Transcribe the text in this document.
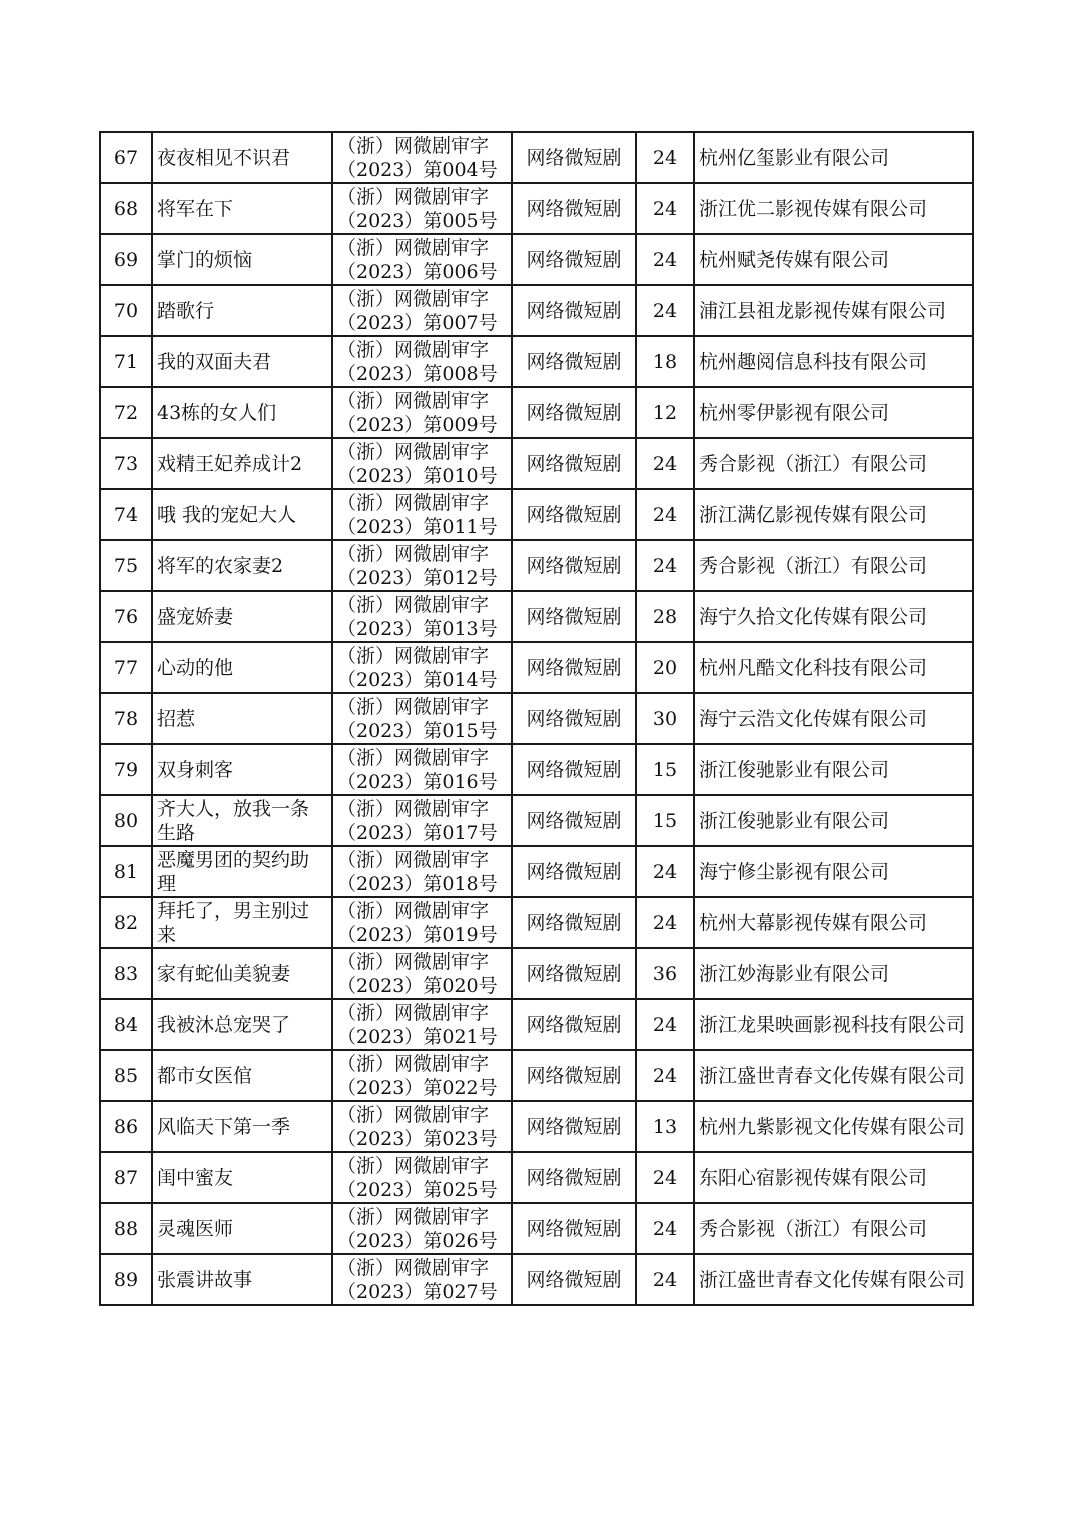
67	夜夜相见不识君	（浙）网微剧审字
（2023）第004号	网络微短剧	24	杭州亿玺影业有限公司
68	将军在下	（浙）网微剧审字
（2023）第005号	网络微短剧	24	浙江优二影视传媒有限公司
69	掌门的烦恼	（浙）网微剧审字
（2023）第006号	网络微短剧	24	杭州赋尧传媒有限公司
70	踏歌行	（浙）网微剧审字
（2023）第007号	网络微短剧	24	浦江县祖龙影视传媒有限公司
71	我的双面夫君	（浙）网微剧审字
（2023）第008号	网络微短剧	18	杭州趣阅信息科技有限公司
72	43栋的女人们	（浙）网微剧审字
（2023）第009号	网络微短剧	12	杭州零伊影视有限公司
73	戏精王妃养成计2	（浙）网微剧审字
（2023）第010号	网络微短剧	24	秀合影视（浙江）有限公司
74	哦 我的宠妃大人	（浙）网微剧审字
（2023）第011号	网络微短剧	24	浙江满亿影视传媒有限公司
75	将军的农家妻2	（浙）网微剧审字
（2023）第012号	网络微短剧	24	秀合影视（浙江）有限公司
76	盛宠娇妻	（浙）网微剧审字
（2023）第013号	网络微短剧	28	海宁久拾文化传媒有限公司
77	心动的他	（浙）网微剧审字
（2023）第014号	网络微短剧	20	杭州凡酷文化科技有限公司
78	招惹	（浙）网微剧审字
（2023）第015号	网络微短剧	30	海宁云浩文化传媒有限公司
79	双身刺客	（浙）网微剧审字
（2023）第016号	网络微短剧	15	浙江俊驰影业有限公司
80	齐大人，放我一条生路	（浙）网微剧审字
（2023）第017号	网络微短剧	15	浙江俊驰影业有限公司
81	恶魔男团的契约助理	（浙）网微剧审字
（2023）第018号	网络微短剧	24	海宁修尘影视有限公司
82	拜托了，男主别过来	（浙）网微剧审字
（2023）第019号	网络微短剧	24	杭州大幕影视传媒有限公司
83	家有蛇仙美貌妻	（浙）网微剧审字
（2023）第020号	网络微短剧	36	浙江妙海影业有限公司
84	我被沐总宠哭了	（浙）网微剧审字
（2023）第021号	网络微短剧	24	浙江龙果映画影视科技有限公司
85	都市女医倌	（浙）网微剧审字
（2023）第022号	网络微短剧	24	浙江盛世青春文化传媒有限公司
86	风临天下第一季	（浙）网微剧审字
（2023）第023号	网络微短剧	13	杭州九紫影视文化传媒有限公司
87	闺中蜜友	（浙）网微剧审字
（2023）第025号	网络微短剧	24	东阳心宿影视传媒有限公司
88	灵魂医师	（浙）网微剧审字
（2023）第026号	网络微短剧	24	秀合影视（浙江）有限公司
89	张震讲故事	（浙）网微剧审字
（2023）第027号	网络微短剧	24	浙江盛世青春文化传媒有限公司
